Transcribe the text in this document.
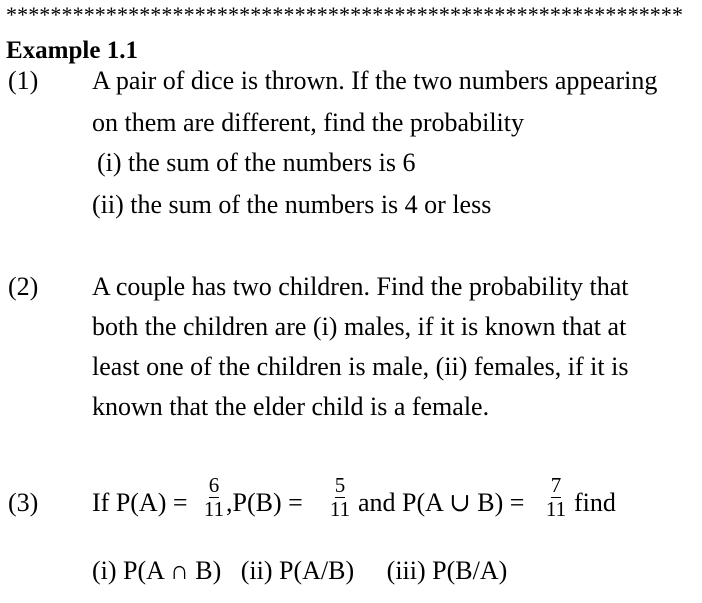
*************************************************************
Example 1.1
(1) A pair of dice is thrown. If the two numbers appearing
on them are different, find the probability
(i) the sum of the numbers is 6
(ii) the sum of the numbers is 4 or less
(2) A couple has two children. Find the probability that
both the children are (i) males, if it is known that at
least one of the children is male, (ii) females, if it is
known that the elder child is a female.
(3) If P(A) =
6
11 ,P(B) =
5
11 and P(A ∪ B) =
7
11 find
(i) P(A ∩ B)   (ii) P(A/B)     (iii) P(B/A)
